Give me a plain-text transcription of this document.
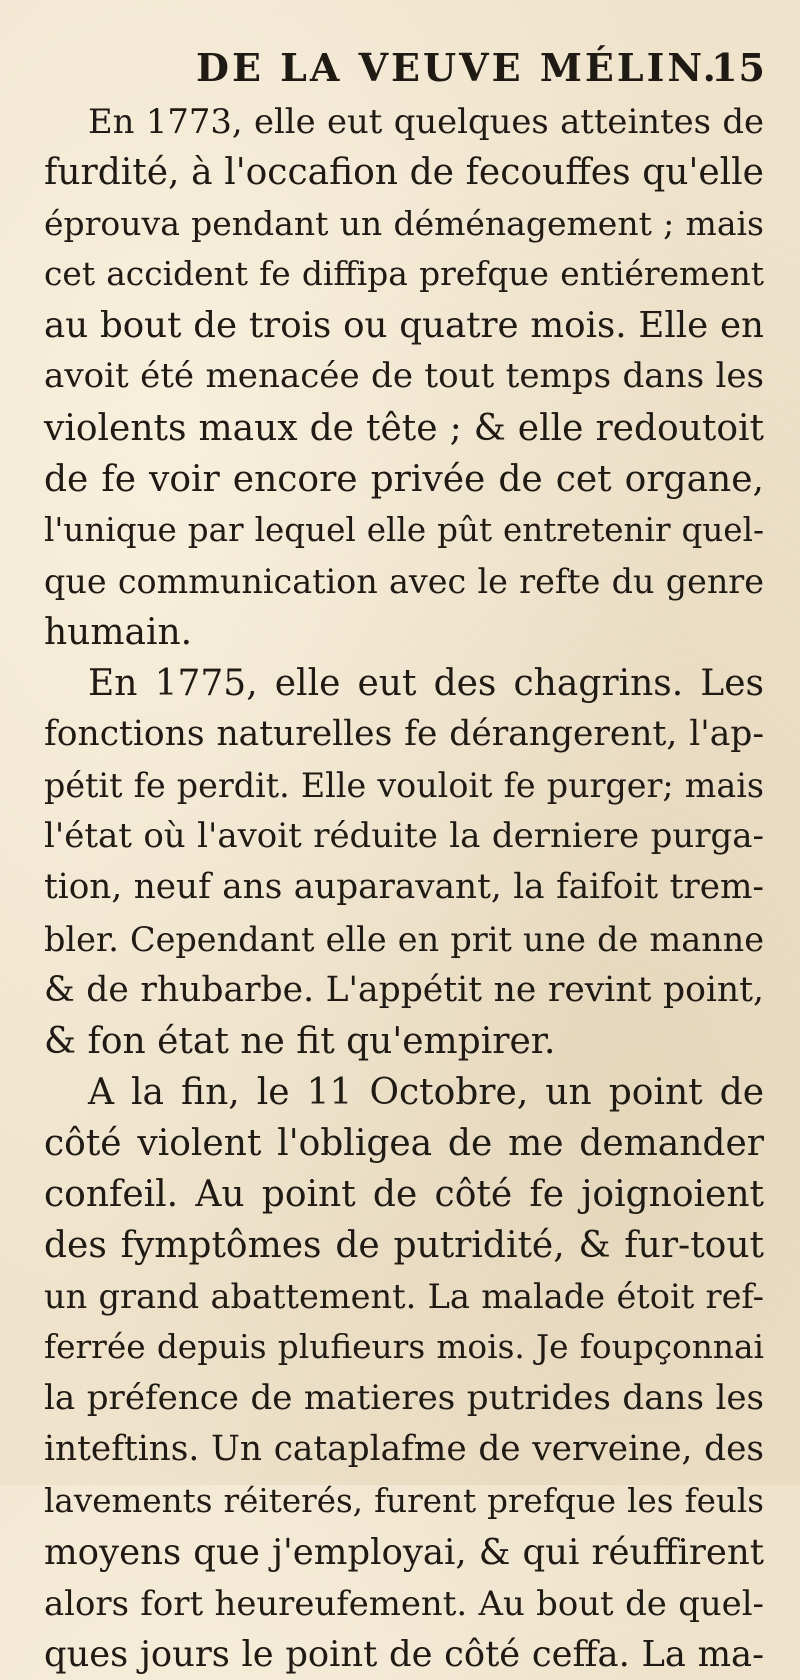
DE LA VEUVE MÉLIN.
15
En 1773, elle eut quelques atteintes de
furdité, à l'occafion de fecouffes qu'elle
éprouva pendant un déménagement ; mais
cet accident fe diffipa prefque entiérement
au bout de trois ou quatre mois. Elle en
avoit été menacée de tout temps dans les
violents maux de tête ; & elle redoutoit
de fe voir encore privée de cet organe,
l'unique par lequel elle pût entretenir quel-
que communication avec le refte du genre
humain.
En 1775, elle eut des chagrins. Les
fonctions naturelles fe dérangerent, l'ap-
pétit fe perdit. Elle vouloit fe purger; mais
l'état où l'avoit réduite la derniere purga-
tion, neuf ans auparavant, la faifoit trem-
bler. Cependant elle en prit une de manne
& de rhubarbe. L'appétit ne revint point,
& fon état ne fit qu'empirer.
A la fin, le 11 Octobre, un point de
côté violent l'obligea de me demander
confeil. Au point de côté fe joignoient
des fymptômes de putridité, & fur-tout
un grand abattement. La malade étoit ref-
ferrée depuis plufieurs mois. Je foupçonnai
la préfence de matieres putrides dans les
inteftins. Un cataplafme de verveine, des
lavements réiterés, furent prefque les feuls
moyens que j'employai, & qui réuffirent
alors fort heureufement. Au bout de quel-
ques jours le point de côté ceffa. La ma-
